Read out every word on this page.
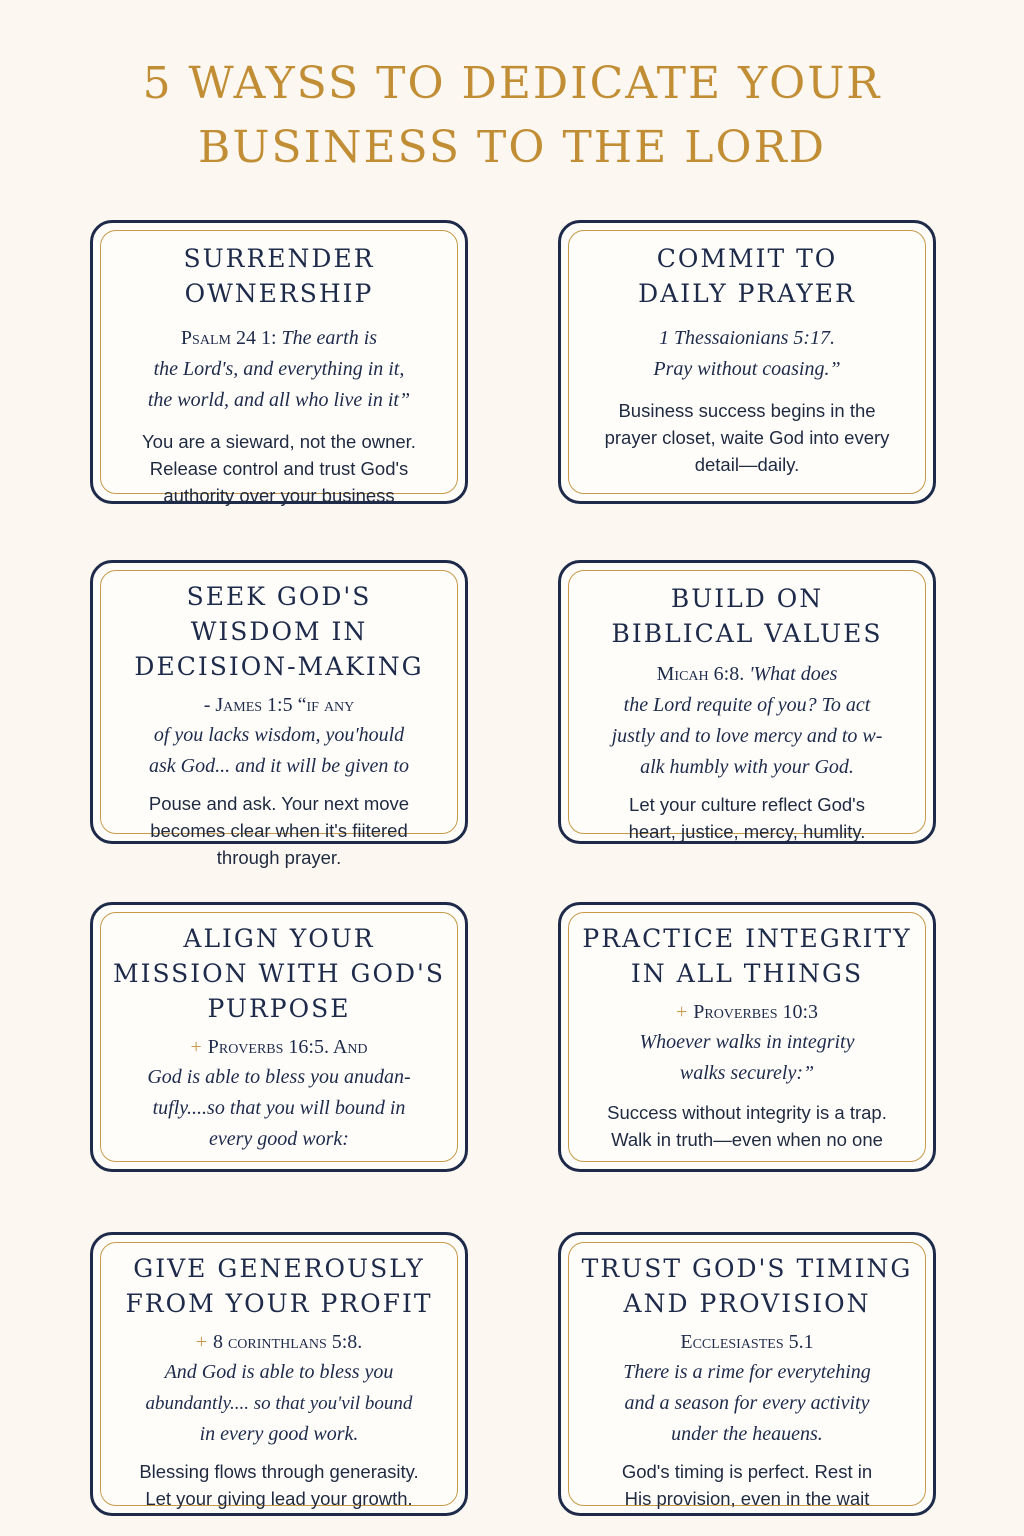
5 WAYSS TO DEDICATE YOUR
BUSINESS TO THE LORD
SURRENDER
OWNERSHIP
Psalm 24 1: The earth is
the Lord's, and everything in it,
the world, and all who live in it”
You are a sieward, not the owner.
Release control and trust God's
authority over your business
COMMIT TO
DAILY PRAYER
1 Thessaionians 5:17.
Pray without coasing.”
Business success begins in the
prayer closet, waite God into every
detail—daily.
SEEK GOD'S
WISDOM IN
DECISION-MAKING
- James 1:5 “if any
of you lacks wisdom, you'hould
ask God... and it will be given to
Pouse and ask. Your next move
becomes clear when it's fiitered
through prayer.
BUILD ON
BIBLICAL VALUES
Micah 6:8. 'What does
the Lord requite of you? To act
justly and to love mercy and to w-
alk humbly with your God.
Let your culture reflect God's
heart, justice, mercy, humlity.
ALIGN YOUR
MISSION WITH GOD'S
PURPOSE
+ Proverbs 16:5. And
God is able to bless you anudan-
tufly....so that you will bound in
every good work:
PRACTICE INTEGRITY
IN ALL THINGS
+ Proverbes 10:3
Whoever walks in integrity
walks securely:”
Success without integrity is a trap.
Walk in truth—even when no one
GIVE GENEROUSLY
FROM YOUR PROFIT
+ 8 corinthlans 5:8.
And God is able to bless you
abundantly.... so that you'vil bound
in every good work.
Blessing flows through generasity.
Let your giving lead your growth.
TRUST GOD'S TIMING
AND PROVISION
Ecclesiastes 5.1
There is a rime for everytehing
and a season for every activity
under the heauens.
God's timing is perfect. Rest in
His provision, even in the wait
